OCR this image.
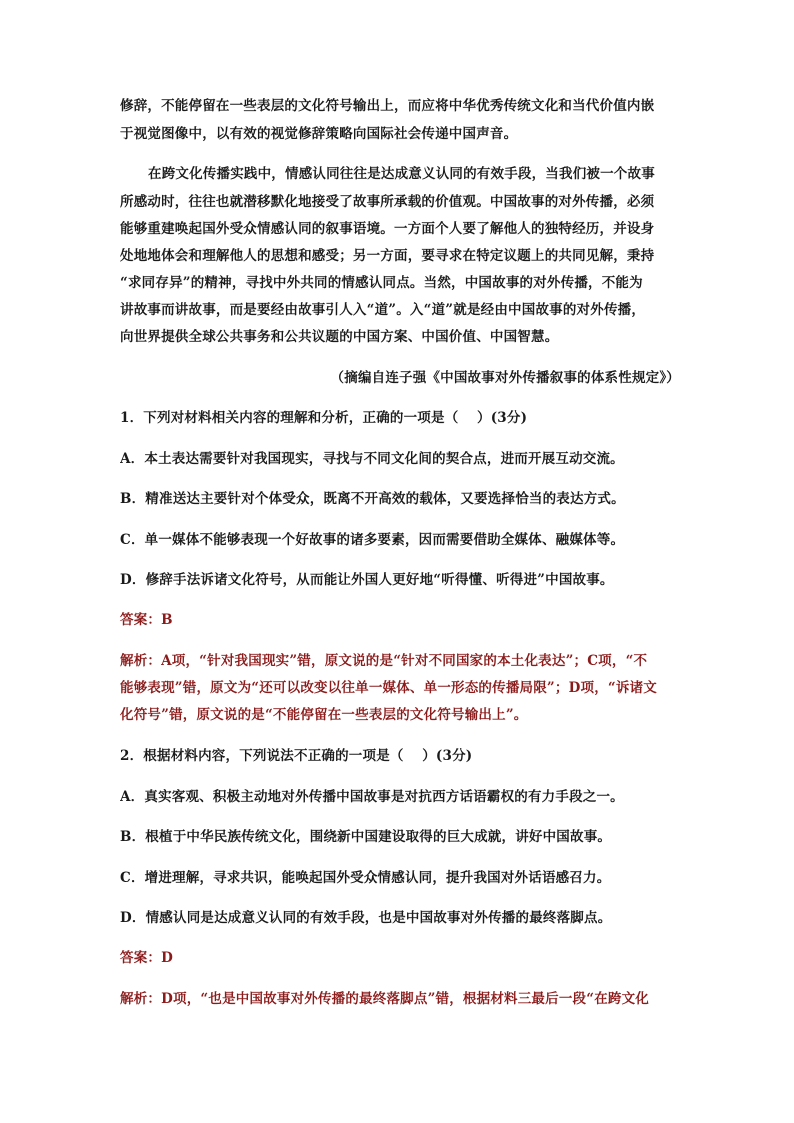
修辞，不能停留在一些表层的文化符号输出上，而应将中华优秀传统文化和当代价值内嵌
于视觉图像中，以有效的视觉修辞策略向国际社会传递中国声音。
在跨文化传播实践中，情感认同往往是达成意义认同的有效手段，当我们被一个故事
所感动时，往往也就潜移默化地接受了故事所承载的价值观。中国故事的对外传播，必须
能够重建唤起国外受众情感认同的叙事语境。一方面个人要了解他人的独特经历，并设身
处地地体会和理解他人的思想和感受；另一方面，要寻求在特定议题上的共同见解，秉持
“求同存异”的精神，寻找中外共同的情感认同点。当然，中国故事的对外传播，不能为
讲故事而讲故事，而是要经由故事引人入“道”。入“道”就是经由中国故事的对外传播，
向世界提供全球公共事务和公共议题的中国方案、中国价值、中国智慧。
（摘编自连子强《中国故事对外传播叙事的体系性规定》）
1．下列对材料相关内容的理解和分析，正确的一项是（　 ）(3分)
A．本土表达需要针对我国现实，寻找与不同文化间的契合点，进而开展互动交流。
B．精准送达主要针对个体受众，既离不开高效的载体，又要选择恰当的表达方式。
C．单一媒体不能够表现一个好故事的诸多要素，因而需要借助全媒体、融媒体等。
D．修辞手法诉诸文化符号，从而能让外国人更好地“听得懂、听得进”中国故事。
答案：B
解析：A项，“针对我国现实”错，原文说的是“针对不同国家的本土化表达”；C项，“不
能够表现”错，原文为“还可以改变以往单一媒体、单一形态的传播局限”；D项，“诉诸文
化符号”错，原文说的是“不能停留在一些表层的文化符号输出上”。
2．根据材料内容，下列说法不正确的一项是（　 ）(3分)
A．真实客观、积极主动地对外传播中国故事是对抗西方话语霸权的有力手段之一。
B．根植于中华民族传统文化，围绕新中国建设取得的巨大成就，讲好中国故事。
C．增进理解，寻求共识，能唤起国外受众情感认同，提升我国对外话语感召力。
D．情感认同是达成意义认同的有效手段，也是中国故事对外传播的最终落脚点。
答案：D
解析：D项，“也是中国故事对外传播的最终落脚点”错，根据材料三最后一段“在跨文化
